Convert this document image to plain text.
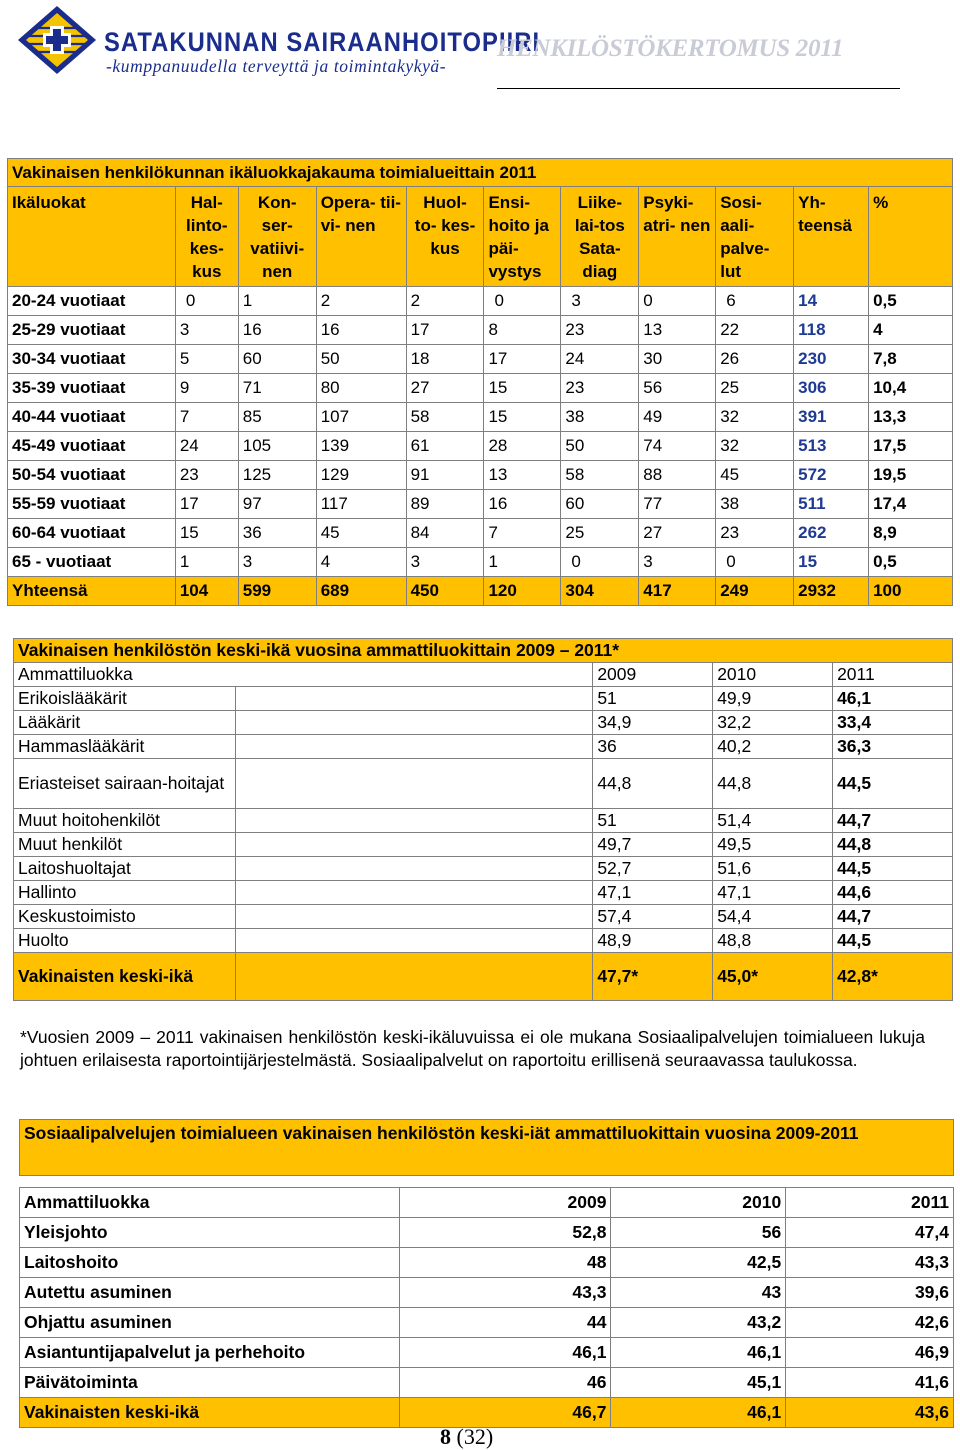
SATAKUNNAN SAIRAANHOITOPIIRI
-kumppanuudella terveyttä ja toimintakykyä-
HENKILÖSTÖKERTOMUS 2011
Vakinaisen henkilökunnan ikäluokkajakauma toimialueittain 2011										
Ikäluokat	Hal- linto- kes- kus	Kon- ser- vatiivi- nen	Opera- tii- vi- nen	Huol- to- kes- kus	Ensi- hoito ja päi- vystys	Liike- lai-tos Sata- diag	Psyki- atri- nen	Sosi- aali- palve- lut	Yh- teensä	%
20-24 vuotiaat	0	1	2	2	0	3	0	6	14	0,5
25-29 vuotiaat	3	16	16	17	8	23	13	22	118	4
30-34 vuotiaat	5	60	50	18	17	24	30	26	230	7,8
35-39 vuotiaat	9	71	80	27	15	23	56	25	306	10,4
40-44 vuotiaat	7	85	107	58	15	38	49	32	391	13,3
45-49 vuotiaat	24	105	139	61	28	50	74	32	513	17,5
50-54 vuotiaat	23	125	129	91	13	58	88	45	572	19,5
55-59 vuotiaat	17	97	117	89	16	60	77	38	511	17,4
60-64 vuotiaat	15	36	45	84	7	25	27	23	262	8,9
65 - vuotiaat	1	3	4	3	1	0	3	0	15	0,5
Yhteensä	104	599	689	450	120	304	417	249	2932	100
Vakinaisen henkilöstön keski-ikä vuosina ammattiluokittain 2009 – 2011*				
Ammattiluokka		2009	2010	2011
Erikoislääkärit		51	49,9	46,1
Lääkärit		34,9	32,2	33,4
Hammaslääkärit		36	40,2	36,3
Eriasteiset sairaan-hoitajat		44,8	44,8	44,5
Muut hoitohenkilöt		51	51,4	44,7
Muut henkilöt		49,7	49,5	44,8
Laitoshuoltajat		52,7	51,6	44,5
Hallinto		47,1	47,1	44,6
Keskustoimisto		57,4	54,4	44,7
Huolto		48,9	48,8	44,5
Vakinaisten keski-ikä		47,7*	45,0*	42,8*
*Vuosien 2009 – 2011 vakinaisen henkilöstön keski-ikäluvuissa ei ole mukana Sosiaalipalvelujen toimialueen lukuja johtuen erilaisesta raportointijärjestelmästä. Sosiaalipalvelut on raportoitu erillisenä seuraavassa taulukossa.
Sosiaalipalvelujen toimialueen vakinaisen henkilöstön keski-iät ammattiluokittain vuosina 2009-2011			

Ammattiluokka	2009	2010	2011
Yleisjohto	52,8	56	47,4
Laitoshoito	48	42,5	43,3
Autettu asuminen	43,3	43	39,6
Ohjattu asuminen	44	43,2	42,6
Asiantuntijapalvelut ja perhehoito	46,1	46,1	46,9
Päivätoiminta	46	45,1	41,6
Vakinaisten keski-ikä	46,7	46,1	43,6
8 (32)
